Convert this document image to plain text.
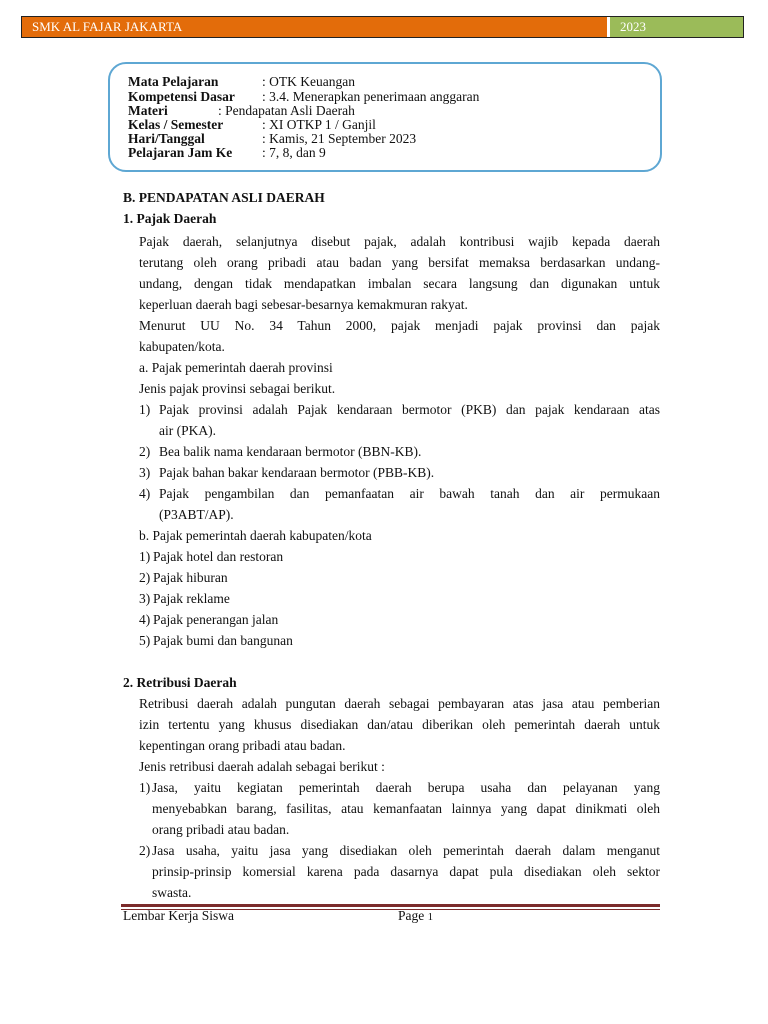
SMK AL FAJAR JAKARTA	2023
Mata Pelajaran	: OTK Keuangan
Kompetensi Dasar : 3.4. Menerapkan penerimaan anggaran
Materi	: Pendapatan Asli Daerah
Kelas / Semester	: XI OTKP 1 / Ganjil
Hari/Tanggal	: Kamis, 21 September 2023
Pelajaran Jam Ke : 7, 8, dan 9
B. PENDAPATAN ASLI DAERAH
1. Pajak Daerah
Pajak daerah, selanjutnya disebut pajak, adalah kontribusi wajib kepada daerah
terutang oleh orang pribadi atau badan yang bersifat memaksa berdasarkan undang-
undang, dengan tidak mendapatkan imbalan secara langsung dan digunakan untuk
keperluan daerah bagi sebesar-besarnya kemakmuran rakyat.
Menurut UU No. 34 Tahun 2000, pajak menjadi pajak provinsi dan pajak
kabupaten/kota.
a. Pajak pemerintah daerah provinsi
Jenis pajak provinsi sebagai berikut.
1) Pajak provinsi adalah Pajak kendaraan bermotor (PKB) dan pajak kendaraan atas
air (PKA).
2) Bea balik nama kendaraan bermotor (BBN-KB).
3) Pajak bahan bakar kendaraan bermotor (PBB-KB).
4) Pajak pengambilan dan pemanfaatan air bawah tanah dan air permukaan
(P3ABT/AP).
b. Pajak pemerintah daerah kabupaten/kota
1) Pajak hotel dan restoran
2) Pajak hiburan
3) Pajak reklame
4) Pajak penerangan jalan
5) Pajak bumi dan bangunan
2. Retribusi Daerah
Retribusi daerah adalah pungutan daerah sebagai pembayaran atas jasa atau pemberian
izin tertentu yang khusus disediakan dan/atau diberikan oleh pemerintah daerah untuk
kepentingan orang pribadi atau badan.
Jenis retribusi daerah adalah sebagai berikut :
1) Jasa, yaitu kegiatan pemerintah daerah berupa usaha dan pelayanan yang
menyebabkan barang, fasilitas, atau kemanfaatan lainnya yang dapat dinikmati oleh
orang pribadi atau badan.
2) Jasa usaha, yaitu jasa yang disediakan oleh pemerintah daerah dalam menganut
prinsip-prinsip komersial karena pada dasarnya dapat pula disediakan oleh sektor
swasta.
Lembar Kerja Siswa	Page 1
